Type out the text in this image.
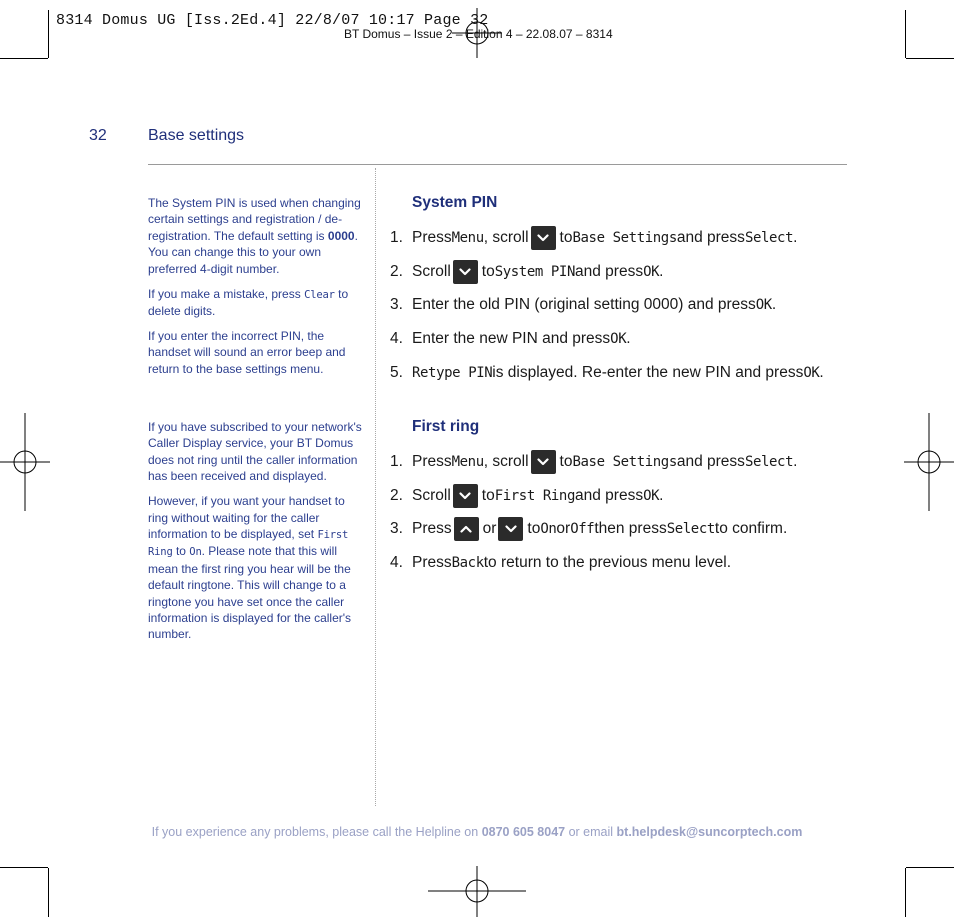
8314 Domus UG [Iss.2Ed.4] 22/8/07 10:17 Page 32
BT Domus – Issue 2 – Edition 4 – 22.08.07 – 8314
32	Base settings

The System PIN is used when changing certain settings and registration / de-registration. The default setting is 0000. You can change this to your own preferred 4-digit number.

If you make a mistake, press Clear to delete digits.

If you enter the incorrect PIN, the handset will sound an error beep and return to the base settings menu.

If you have subscribed to your network's Caller Display service, your BT Domus does not ring until the caller information has been received and displayed.

However, if you want your handset to ring without waiting for the caller information to be displayed, set First Ring to On. Please note that this will mean the first ring you hear will be the default ringtone. This will change to a ringtone you have set once the caller information is displayed for the caller's number.

System PIN
1. Press Menu , scroll to Base Settings and press Select .
2. Scroll to System PIN and press OK .
3. Enter the old PIN (original setting 0000) and press OK .
4. Enter the new PIN and press OK .
5. Retype PIN is displayed. Re-enter the new PIN and press OK .
First ring
1. Press Menu , scroll to Base Settings and press Select .
2. Scroll to First Ring and press OK .
3. Press or to On or Off then press Select to confirm.
4. Press Back to return to the previous menu level.
If you experience any problems, please call the Helpline on 0870 605 8047 or email bt.helpdesk@suncorptech.com
